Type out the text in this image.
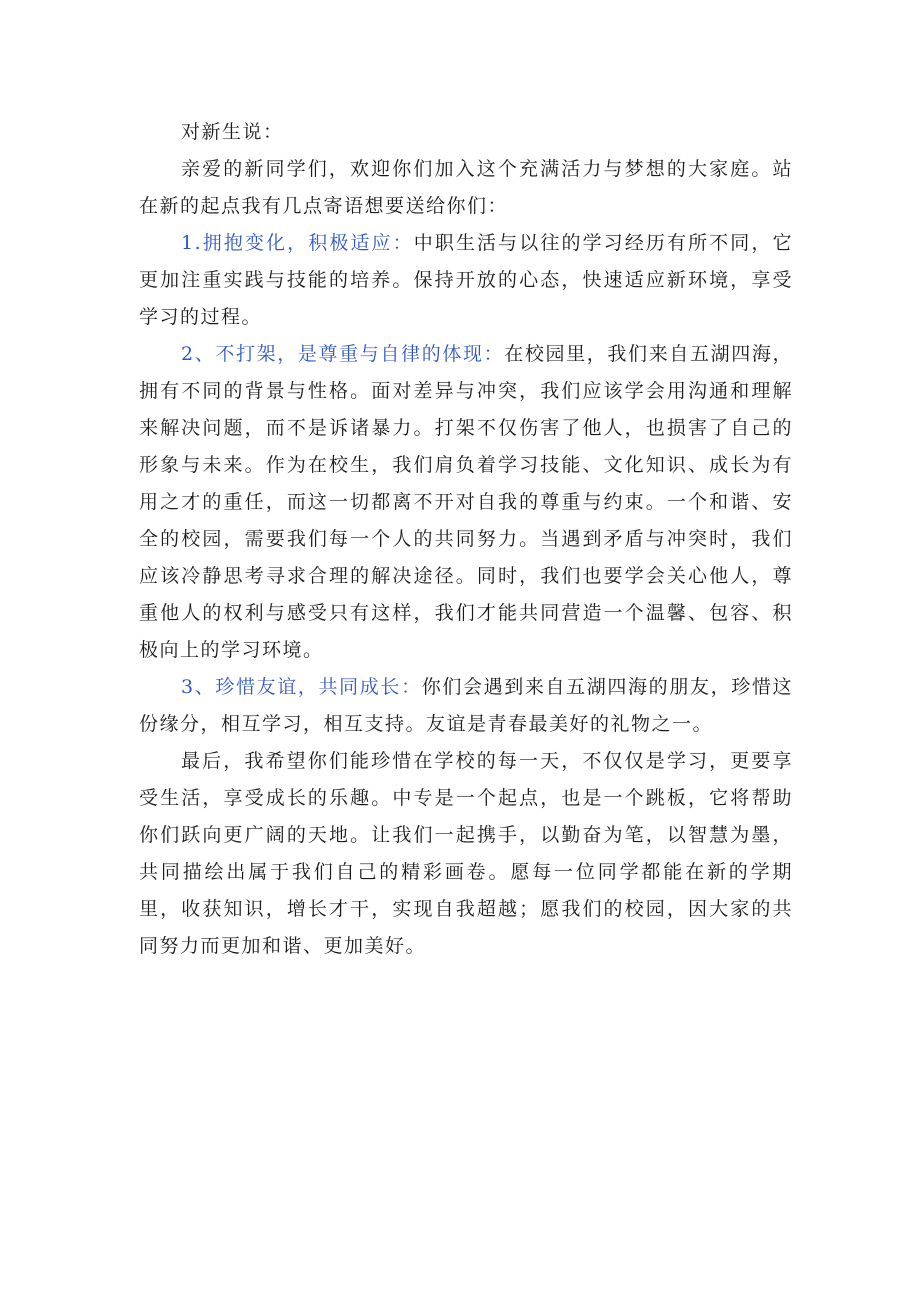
对新生说：

亲爱的新同学们，欢迎你们加入这个充满活力与梦想的大家庭。站在新的起点我有几点寄语想要送给你们：

1.拥抱变化，积极适应：中职生活与以往的学习经历有所不同，它更加注重实践与技能的培养。保持开放的心态，快速适应新环境，享受学习的过程。

2、不打架，是尊重与自律的体现：在校园里，我们来自五湖四海，拥有不同的背景与性格。面对差异与冲突，我们应该学会用沟通和理解来解决问题，而不是诉诸暴力。打架不仅伤害了他人，也损害了自己的形象与未来。作为在校生，我们肩负着学习技能、文化知识、成长为有用之才的重任，而这一切都离不开对自我的尊重与约束。一个和谐、安全的校园，需要我们每一个人的共同努力。当遇到矛盾与冲突时，我们应该冷静思考寻求合理的解决途径。同时，我们也要学会关心他人，尊重他人的权利与感受只有这样，我们才能共同营造一个温馨、包容、积极向上的学习环境。

3、珍惜友谊，共同成长：你们会遇到来自五湖四海的朋友，珍惜这份缘分，相互学习，相互支持。友谊是青春最美好的礼物之一。

最后，我希望你们能珍惜在学校的每一天，不仅仅是学习，更要享受生活，享受成长的乐趣。中专是一个起点，也是一个跳板，它将帮助你们跃向更广阔的天地。让我们一起携手，以勤奋为笔，以智慧为墨，共同描绘出属于我们自己的精彩画卷。愿每一位同学都能在新的学期里，收获知识，增长才干，实现自我超越；愿我们的校园，因大家的共同努力而更加和谐、更加美好。
